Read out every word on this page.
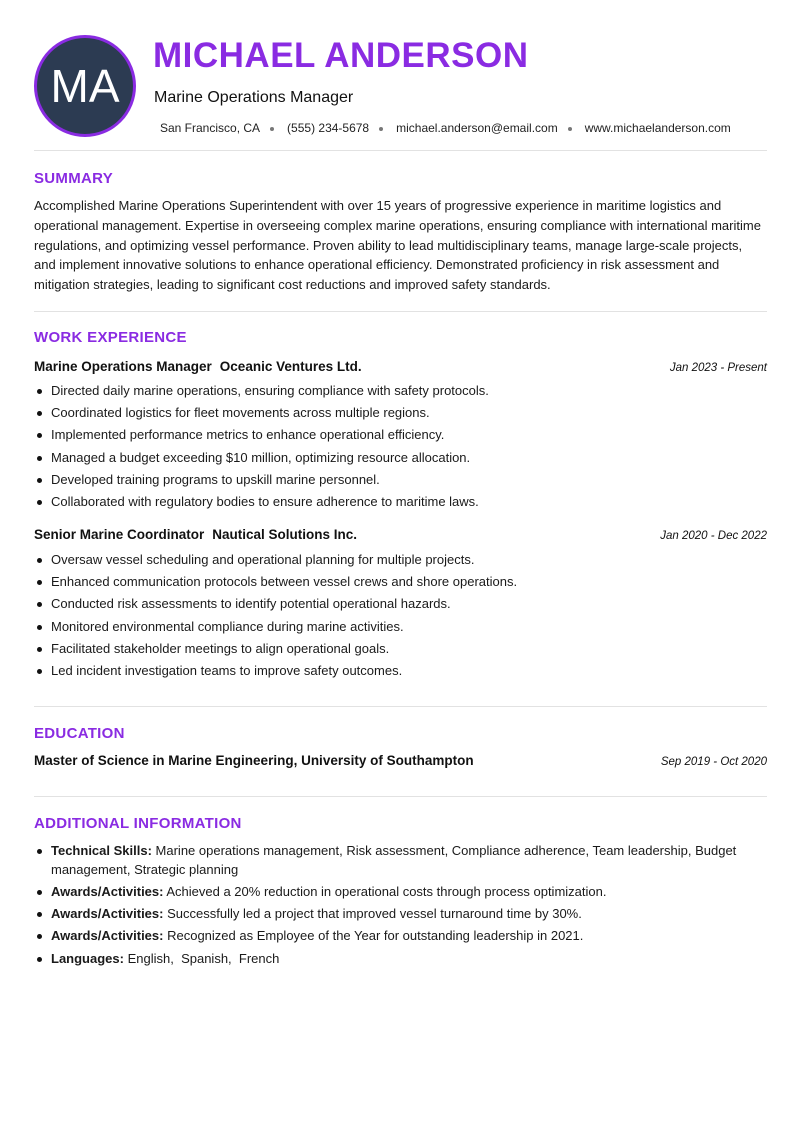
MA
MICHAEL ANDERSON
Marine Operations Manager
San Francisco, CA (555) 234-5678 michael.anderson@email.com www.michaelanderson.com
SUMMARY
Accomplished Marine Operations Superintendent with over 15 years of progressive experience in maritime logistics and operational management. Expertise in overseeing complex marine operations, ensuring compliance with international maritime regulations, and optimizing vessel performance. Proven ability to lead multidisciplinary teams, manage large-scale projects, and implement innovative solutions to enhance operational efficiency. Demonstrated proficiency in risk assessment and mitigation strategies, leading to significant cost reductions and improved safety standards.
WORK EXPERIENCE
Marine Operations Manager Oceanic Ventures Ltd.	Jan 2023 - Present
Directed daily marine operations, ensuring compliance with safety protocols.
Coordinated logistics for fleet movements across multiple regions.
Implemented performance metrics to enhance operational efficiency.
Managed a budget exceeding $10 million, optimizing resource allocation.
Developed training programs to upskill marine personnel.
Collaborated with regulatory bodies to ensure adherence to maritime laws.
Senior Marine Coordinator Nautical Solutions Inc.	Jan 2020 - Dec 2022
Oversaw vessel scheduling and operational planning for multiple projects.
Enhanced communication protocols between vessel crews and shore operations.
Conducted risk assessments to identify potential operational hazards.
Monitored environmental compliance during marine activities.
Facilitated stakeholder meetings to align operational goals.
Led incident investigation teams to improve safety outcomes.
EDUCATION
Master of Science in Marine Engineering, University of Southampton	Sep 2019 - Oct 2020
ADDITIONAL INFORMATION
Technical Skills: Marine operations management, Risk assessment, Compliance adherence, Team leadership, Budget management, Strategic planning
Awards/Activities: Achieved a 20% reduction in operational costs through process optimization.
Awards/Activities: Successfully led a project that improved vessel turnaround time by 30%.
Awards/Activities: Recognized as Employee of the Year for outstanding leadership in 2021.
Languages: English,  Spanish,  French
